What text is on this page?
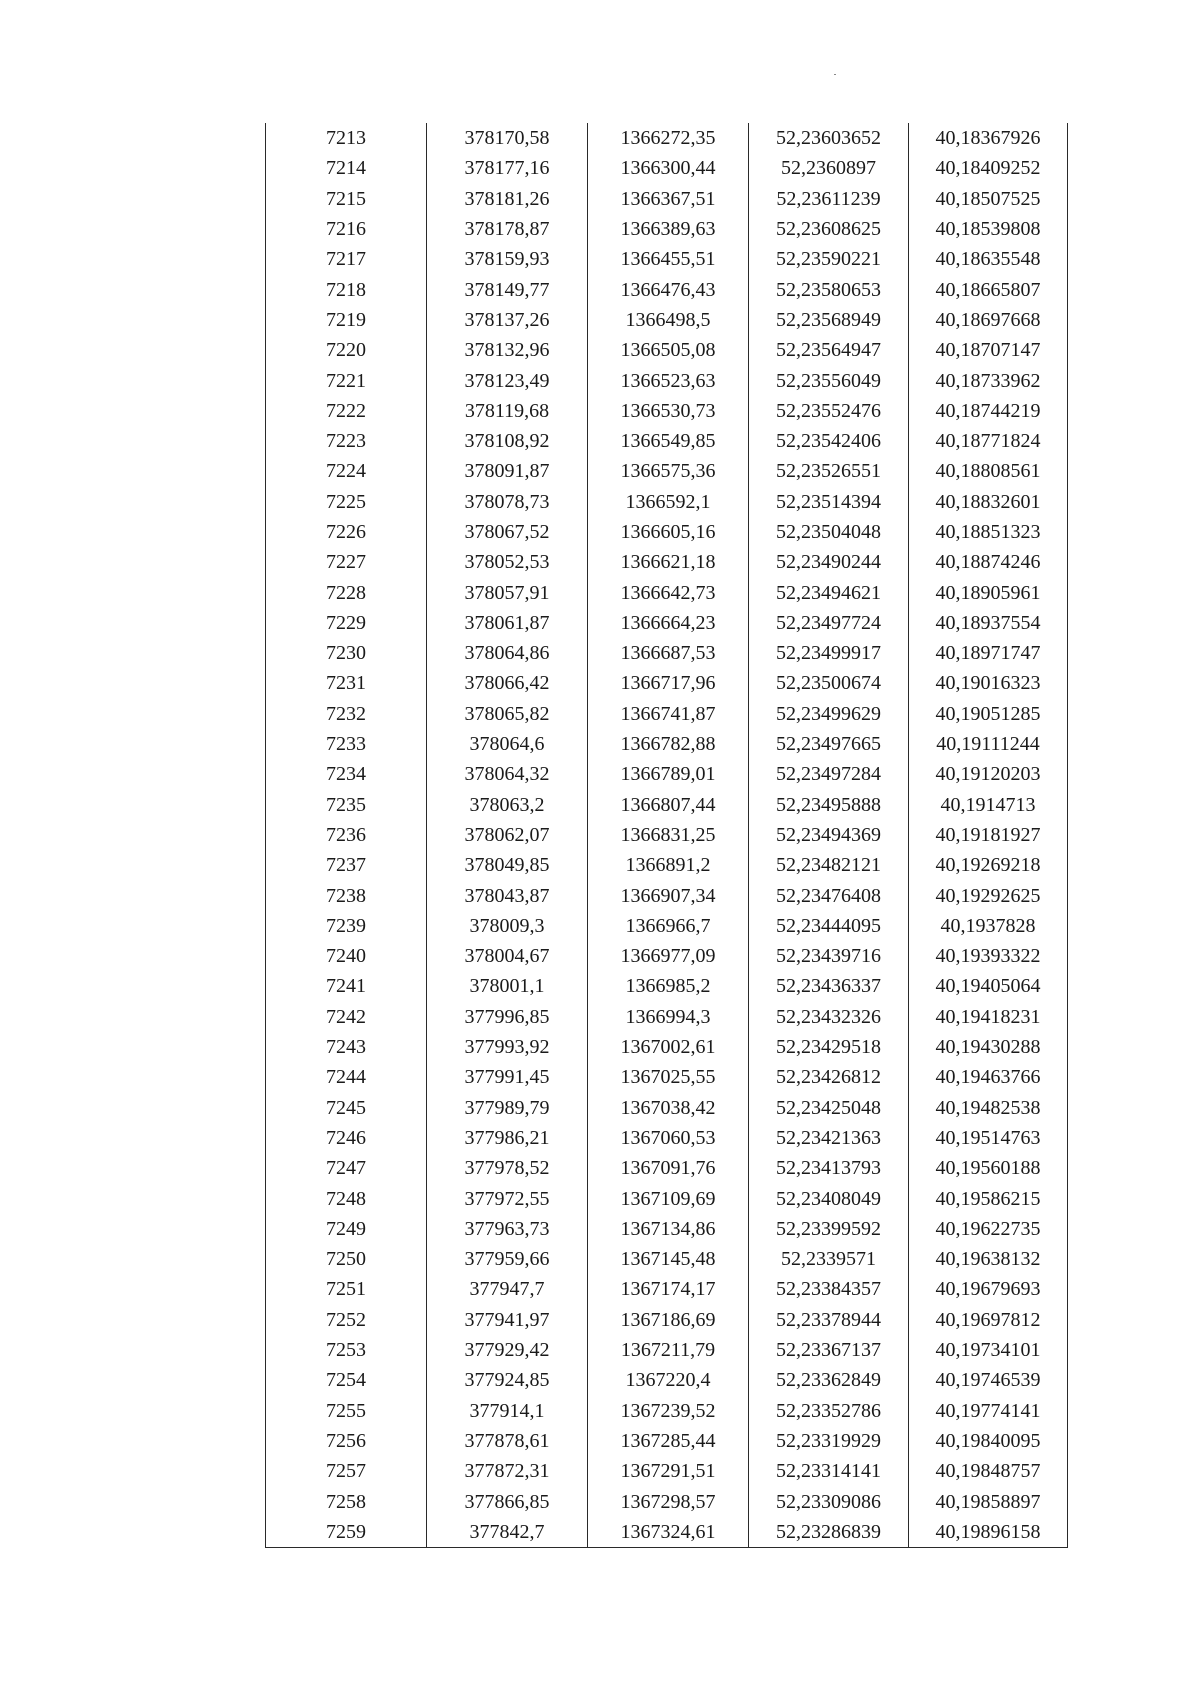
7213	378170,58	1366272,35	52,23603652	40,18367926
7214	378177,16	1366300,44	52,2360897	40,18409252
7215	378181,26	1366367,51	52,23611239	40,18507525
7216	378178,87	1366389,63	52,23608625	40,18539808
7217	378159,93	1366455,51	52,23590221	40,18635548
7218	378149,77	1366476,43	52,23580653	40,18665807
7219	378137,26	1366498,5	52,23568949	40,18697668
7220	378132,96	1366505,08	52,23564947	40,18707147
7221	378123,49	1366523,63	52,23556049	40,18733962
7222	378119,68	1366530,73	52,23552476	40,18744219
7223	378108,92	1366549,85	52,23542406	40,18771824
7224	378091,87	1366575,36	52,23526551	40,18808561
7225	378078,73	1366592,1	52,23514394	40,18832601
7226	378067,52	1366605,16	52,23504048	40,18851323
7227	378052,53	1366621,18	52,23490244	40,18874246
7228	378057,91	1366642,73	52,23494621	40,18905961
7229	378061,87	1366664,23	52,23497724	40,18937554
7230	378064,86	1366687,53	52,23499917	40,18971747
7231	378066,42	1366717,96	52,23500674	40,19016323
7232	378065,82	1366741,87	52,23499629	40,19051285
7233	378064,6	1366782,88	52,23497665	40,19111244
7234	378064,32	1366789,01	52,23497284	40,19120203
7235	378063,2	1366807,44	52,23495888	40,1914713
7236	378062,07	1366831,25	52,23494369	40,19181927
7237	378049,85	1366891,2	52,23482121	40,19269218
7238	378043,87	1366907,34	52,23476408	40,19292625
7239	378009,3	1366966,7	52,23444095	40,1937828
7240	378004,67	1366977,09	52,23439716	40,19393322
7241	378001,1	1366985,2	52,23436337	40,19405064
7242	377996,85	1366994,3	52,23432326	40,19418231
7243	377993,92	1367002,61	52,23429518	40,19430288
7244	377991,45	1367025,55	52,23426812	40,19463766
7245	377989,79	1367038,42	52,23425048	40,19482538
7246	377986,21	1367060,53	52,23421363	40,19514763
7247	377978,52	1367091,76	52,23413793	40,19560188
7248	377972,55	1367109,69	52,23408049	40,19586215
7249	377963,73	1367134,86	52,23399592	40,19622735
7250	377959,66	1367145,48	52,2339571	40,19638132
7251	377947,7	1367174,17	52,23384357	40,19679693
7252	377941,97	1367186,69	52,23378944	40,19697812
7253	377929,42	1367211,79	52,23367137	40,19734101
7254	377924,85	1367220,4	52,23362849	40,19746539
7255	377914,1	1367239,52	52,23352786	40,19774141
7256	377878,61	1367285,44	52,23319929	40,19840095
7257	377872,31	1367291,51	52,23314141	40,19848757
7258	377866,85	1367298,57	52,23309086	40,19858897
7259	377842,7	1367324,61	52,23286839	40,19896158
